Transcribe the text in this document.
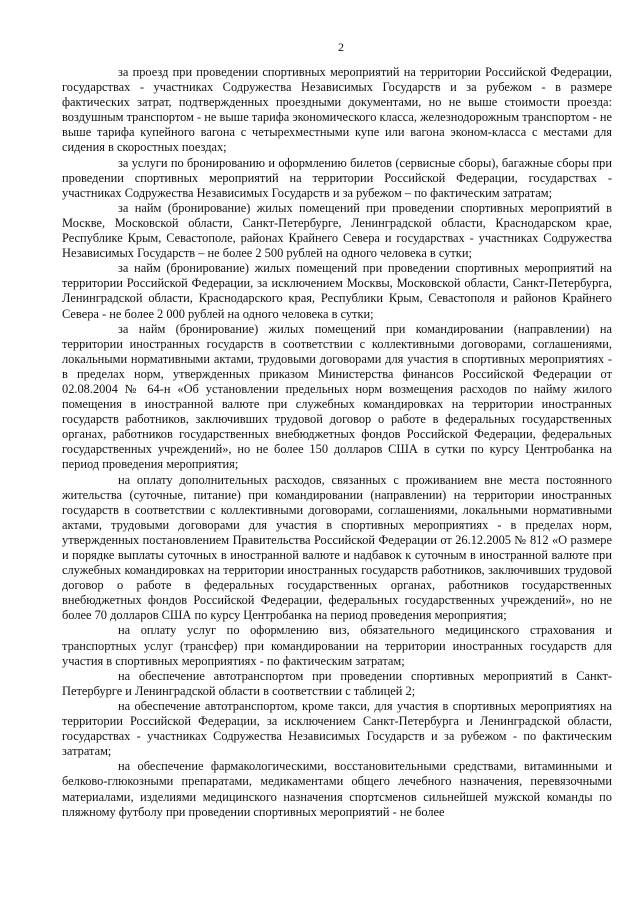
2

за проезд при проведении спортивных мероприятий на территории Российской Федерации, государствах - участниках Содружества Независимых Государств и за рубежом - в размере фактических затрат, подтвержденных проездными документами, но не выше стоимости проезда: воздушным транспортом - не выше тарифа экономического класса, железнодорожным транспортом - не выше тарифа купейного вагона с четырехместными купе или вагона эконом-класса с местами для сидения в скоростных поездах;

за услуги по бронированию и оформлению билетов (сервисные сборы), багажные сборы при проведении спортивных мероприятий на территории Российской Федерации, государствах - участниках Содружества Независимых Государств и за рубежом – по фактическим затратам;

за найм (бронирование) жилых помещений при проведении спортивных мероприятий в Москве, Московской области, Санкт-Петербурге, Ленинградской области, Краснодарском крае, Республике Крым, Севастополе, районах Крайнего Севера и государствах - участниках Содружества Независимых Государств – не более 2 500 рублей на одного человека в сутки;

за найм (бронирование) жилых помещений при проведении спортивных мероприятий на территории Российской Федерации, за исключением Москвы, Московской области, Санкт-Петербурга, Ленинградской области, Краснодарского края, Республики Крым, Севастополя и районов Крайнего Севера - не более 2 000 рублей на одного человека в сутки;

за найм (бронирование) жилых помещений при командировании (направлении) на территории иностранных государств в соответствии с коллективными договорами, соглашениями, локальными нормативными актами, трудовыми договорами для участия в спортивных мероприятиях - в пределах норм, утвержденных приказом Министерства финансов Российской Федерации от 02.08.2004 № 64-н «Об установлении предельных норм возмещения расходов по найму жилого помещения в иностранной валюте при служебных командировках на территории иностранных государств работников, заключивших трудовой договор о работе в федеральных государственных органах, работников государственных внебюджетных фондов Российской Федерации, федеральных государственных учреждений», но не более 150 долларов США в сутки по курсу Центробанка на период проведения мероприятия;

на оплату дополнительных расходов, связанных с проживанием вне места постоянного жительства (суточные, питание) при командировании (направлении) на территории иностранных государств в соответствии с коллективными договорами, соглашениями, локальными нормативными актами, трудовыми договорами для участия в спортивных мероприятиях - в пределах норм, утвержденных постановлением Правительства Российской Федерации от 26.12.2005 № 812 «О размере и порядке выплаты суточных в иностранной валюте и надбавок к суточным в иностранной валюте при служебных командировках на территории иностранных государств работников, заключивших трудовой договор о работе в федеральных государственных органах, работников государственных внебюджетных фондов Российской Федерации, федеральных государственных учреждений», но не более 70 долларов США по курсу Центробанка на период проведения мероприятия;

на оплату услуг по оформлению виз, обязательного медицинского страхования и транспортных услуг (трансфер) при командировании на территории иностранных государств для участия в спортивных мероприятиях - по фактическим затратам;

на обеспечение автотранспортом при проведении спортивных мероприятий в Санкт-Петербурге и Ленинградской области в соответствии с таблицей 2;

на обеспечение автотранспортом, кроме такси, для участия в спортивных мероприятиях на территории Российской Федерации, за исключением Санкт-Петербурга и Ленинградской области, государствах - участниках Содружества Независимых Государств и за рубежом - по фактическим затратам;

на обеспечение фармакологическими, восстановительными средствами, витаминными и белково-глюкозными препаратами, медикаментами общего лечебного назначения, перевязочными материалами, изделиями медицинского назначения спортсменов сильнейшей мужской команды по пляжному футболу при проведении спортивных мероприятий - не более
